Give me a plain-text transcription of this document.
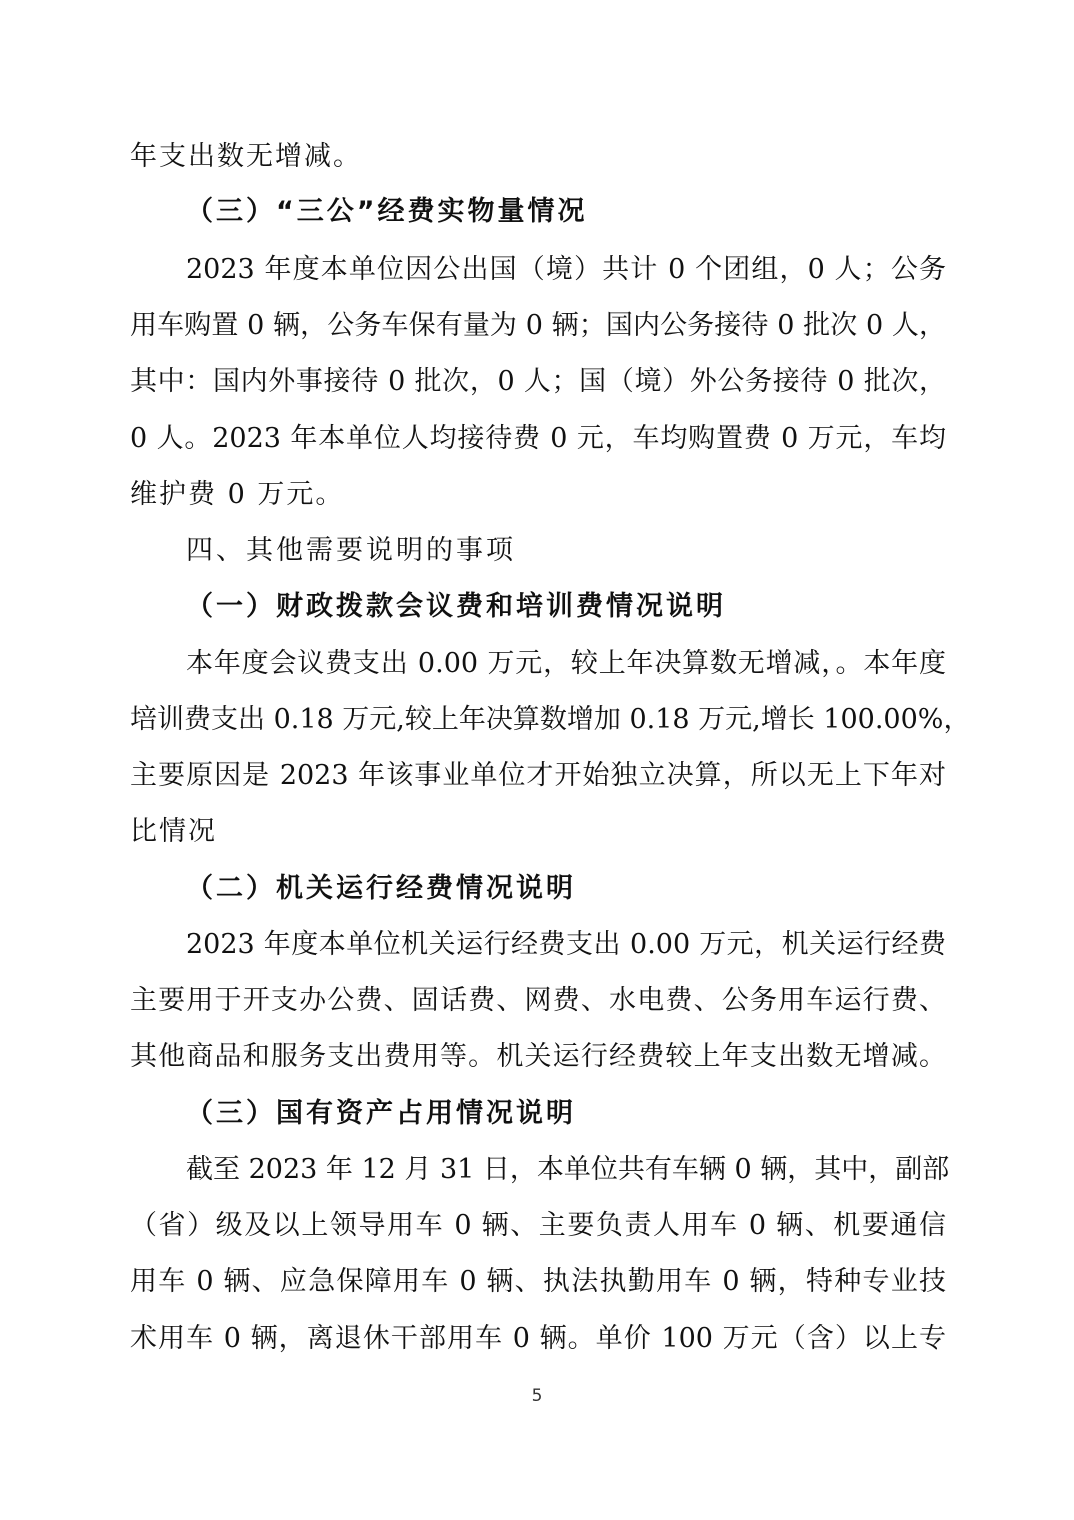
年支出数无增减。
（三）“三公”经费实物量情况
2023 年度本单位因公出国（境）共计 0 个团组，0 人；公务
用车购置 0 辆，公务车保有量为 0 辆；国内公务接待 0 批次 0 人，
其中：国内外事接待 0 批次，0 人；国（境）外公务接待 0 批次，
0 人。2023 年本单位人均接待费 0 元，车均购置费 0 万元，车均
维护费 0 万元。
四、其他需要说明的事项
（一）财政拨款会议费和培训费情况说明
本年度会议费支出 0.00 万元，较上年决算数无增减，。本年度
培训费支出 0.18 万元,较上年决算数增加 0.18 万元,增长 100.00%，
主要原因是 2023 年该事业单位才开始独立决算，所以无上下年对
比情况
（二）机关运行经费情况说明
2023 年度本单位机关运行经费支出 0.00 万元，机关运行经费
主要用于开支办公费、固话费、网费、水电费、公务用车运行费、
其他商品和服务支出费用等。机关运行经费较上年支出数无增减。
（三）国有资产占用情况说明
截至 2023 年 12 月 31 日，本单位共有车辆 0 辆，其中，副部
（省）级及以上领导用车 0 辆、主要负责人用车 0 辆、机要通信
用车 0 辆、应急保障用车 0 辆、执法执勤用车 0 辆，特种专业技
术用车 0 辆，离退休干部用车 0 辆。单价 100 万元（含）以上专
5
